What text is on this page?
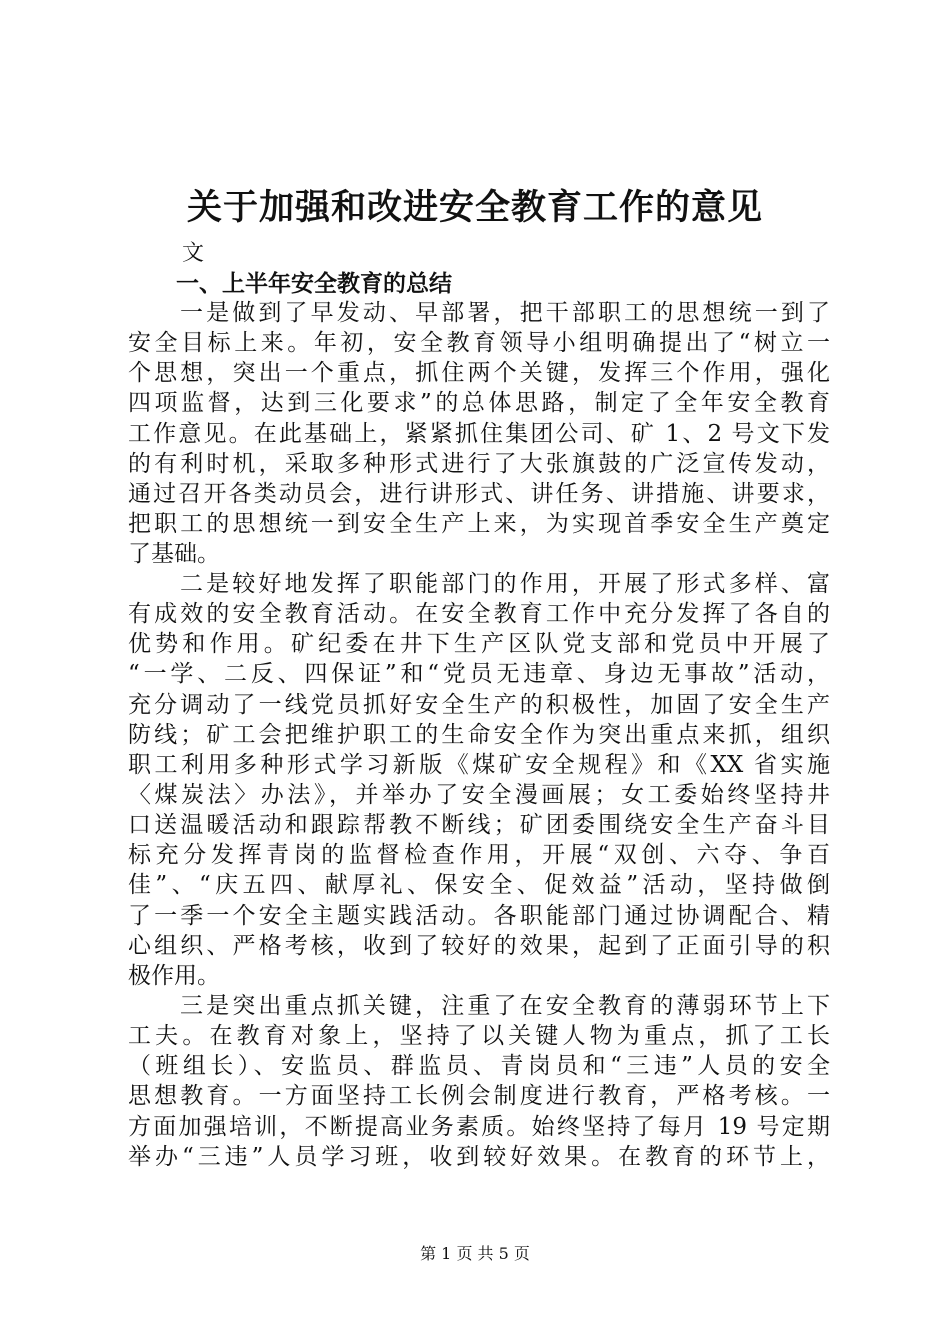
关于加强和改进安全教育工作的意见
文
一、上半年安全教育的总结
一是做到了早发动、早部署，把干部职工的思想统一到了
安全目标上来。年初，安全教育领导小组明确提出了“树立一
个思想，突出一个重点，抓住两个关键，发挥三个作用，强化
四项监督，达到三化要求”的总体思路，制定了全年安全教育
工作意见。在此基础上，紧紧抓住集团公司、矿 1、2 号文下发
的有利时机，采取多种形式进行了大张旗鼓的广泛宣传发动，
通过召开各类动员会，进行讲形式、讲任务、讲措施、讲要求，
把职工的思想统一到安全生产上来，为实现首季安全生产奠定
了基础。
二是较好地发挥了职能部门的作用，开展了形式多样、富
有成效的安全教育活动。在安全教育工作中充分发挥了各自的
优势和作用。矿纪委在井下生产区队党支部和党员中开展了
“一学、二反、四保证”和“党员无违章、身边无事故”活动，
充分调动了一线党员抓好安全生产的积极性，加固了安全生产
防线；矿工会把维护职工的生命安全作为突出重点来抓，组织
职工利用多种形式学习新版《煤矿安全规程》和《XX 省实施
〈煤炭法〉办法》，并举办了安全漫画展；女工委始终坚持井
口送温暖活动和跟踪帮教不断线；矿团委围绕安全生产奋斗目
标充分发挥青岗的监督检查作用，开展“双创、六夺、争百
佳”、“庆五四、献厚礼、保安全、促效益”活动，坚持做倒
了一季一个安全主题实践活动。各职能部门通过协调配合、精
心组织、严格考核，收到了较好的效果，起到了正面引导的积
极作用。
三是突出重点抓关键，注重了在安全教育的薄弱环节上下
工夫。在教育对象上，坚持了以关键人物为重点，抓了工长
（班组长）、安监员、群监员、青岗员和“三违”人员的安全
思想教育。一方面坚持工长例会制度进行教育，严格考核。一
方面加强培训，不断提高业务素质。始终坚持了每月 19 号定期
举办“三违”人员学习班，收到较好效果。在教育的环节上，
第 1 页 共 5 页
